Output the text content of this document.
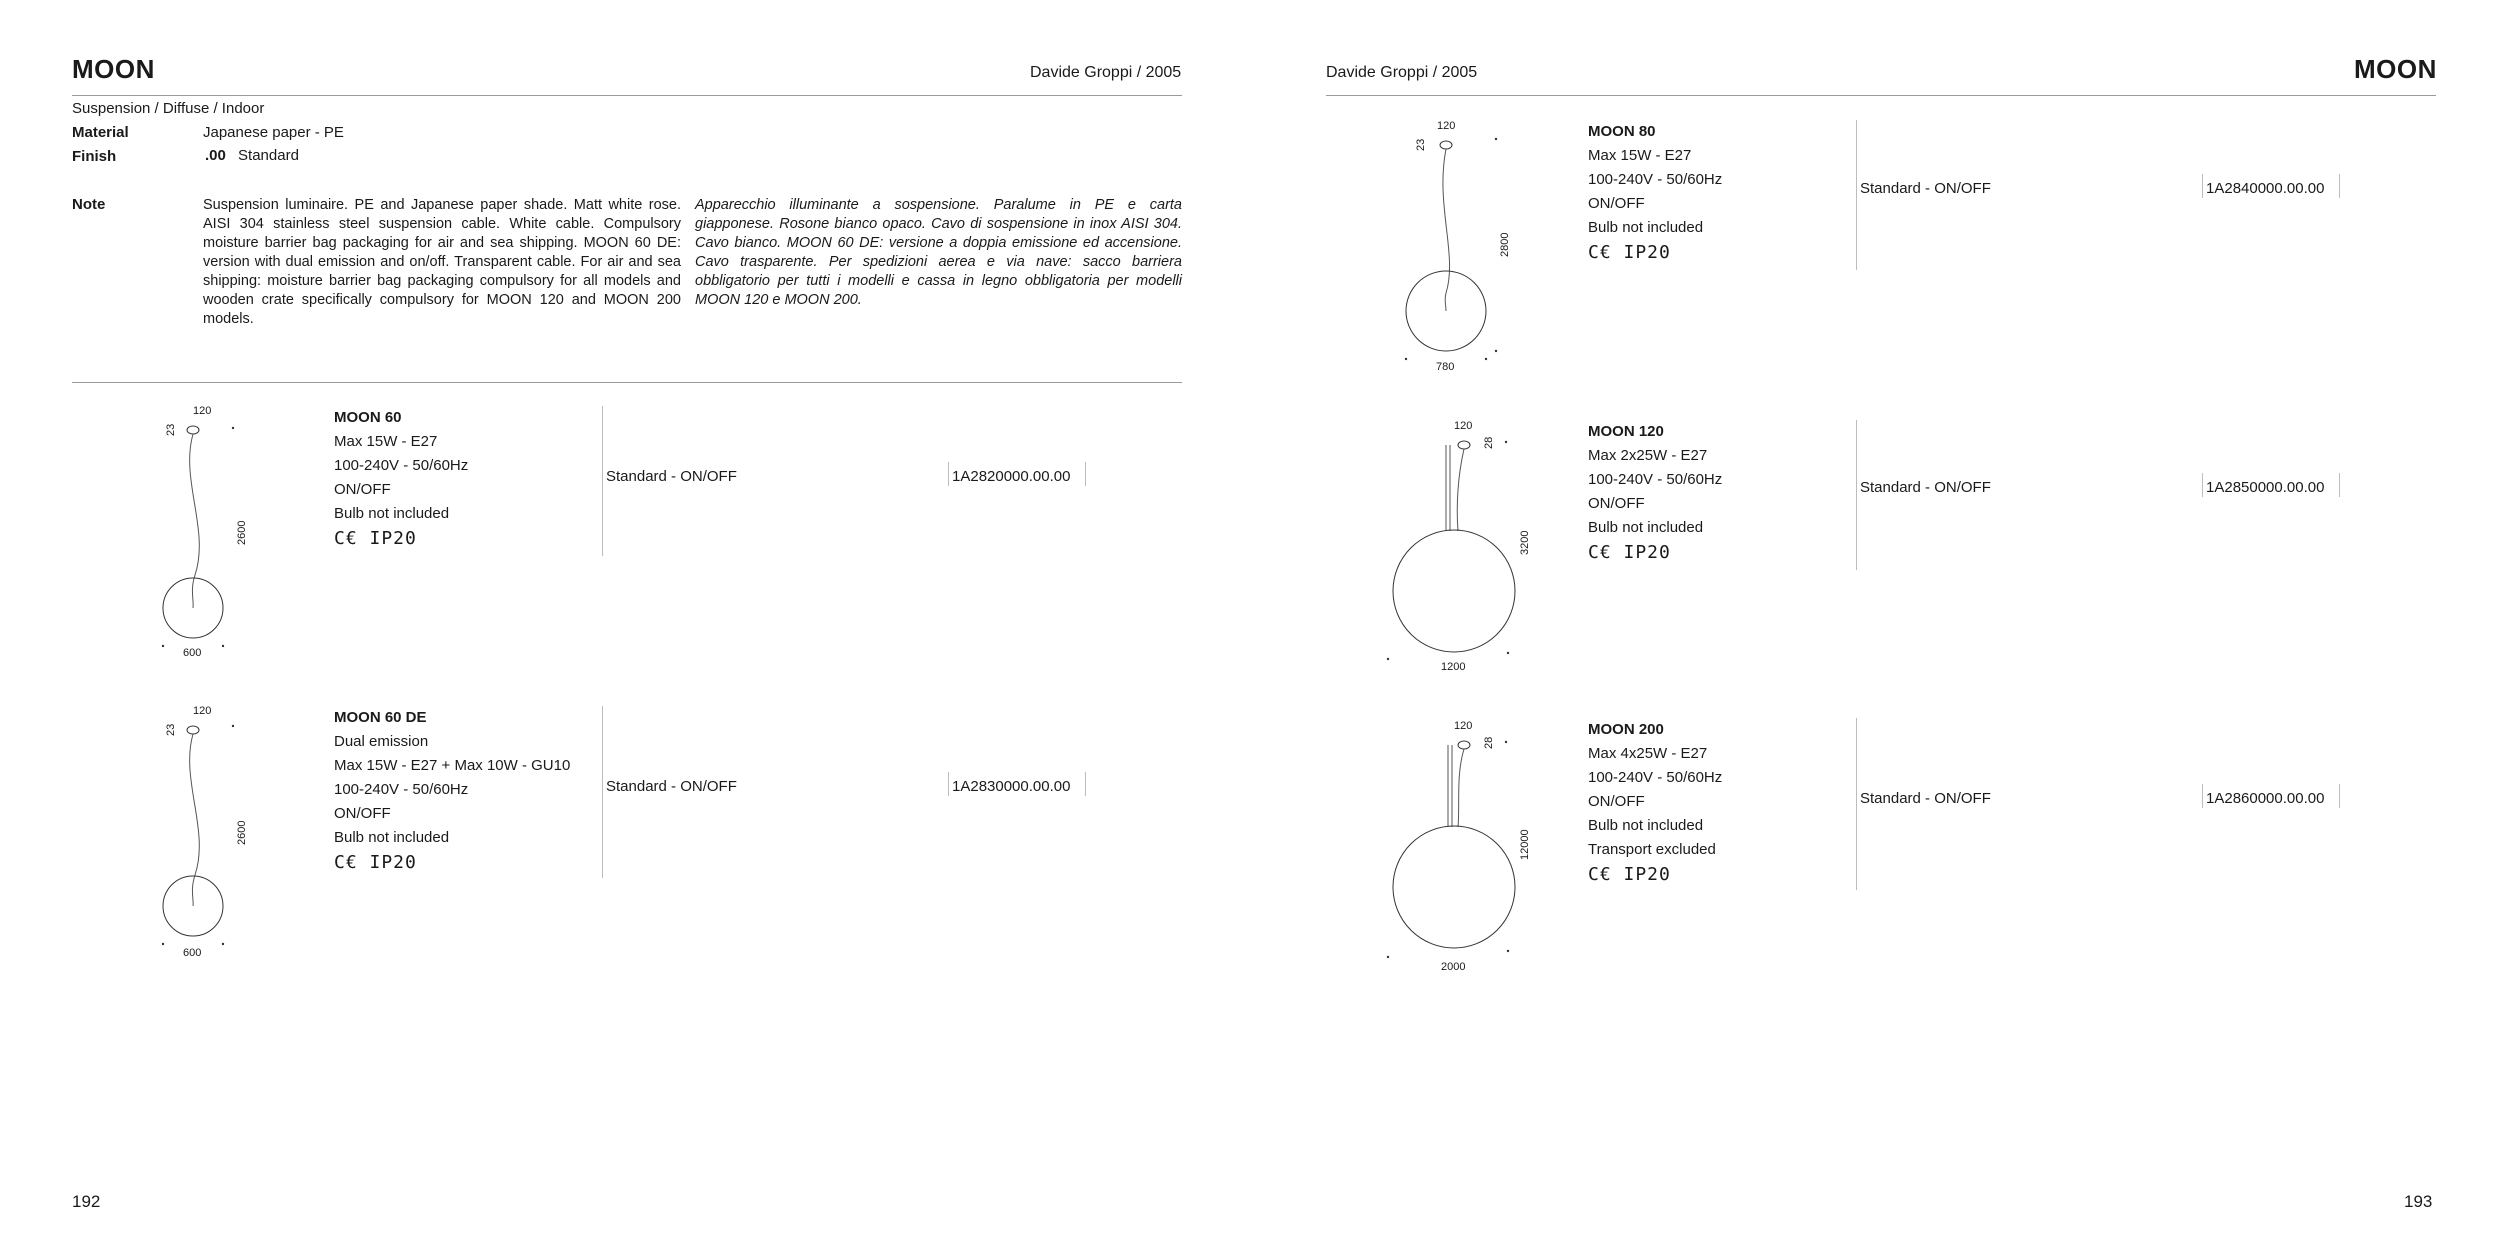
MOON	Davide Groppi / 2005
Suspension / Diffuse / Indoor
Material	Japanese paper - PE
Finish	.00 Standard
Note	Suspension luminaire. PE and Japanese paper shade. Matt white rose. AISI 304 stainless steel suspension cable. White cable. Compulsory moisture barrier bag packaging for air and sea shipping. MOON 60 DE: version with dual emission and on/off. Transparent cable. For air and sea shipping: moisture barrier bag packaging compulsory for all models and wooden crate specifically compulsory for MOON 120 and MOON 200 models.
Apparecchio illuminante a sospensione. Paralume in PE e carta giapponese. Rosone bianco opaco. Cavo di sospensione in inox AISI 304. Cavo bianco. MOON 60 DE: versione a doppia emissione ed accensione. Cavo trasparente. Per spedizioni aerea e via nave: sacco barriera obbligatorio per tutti i modelli e cassa in legno obbligatoria per modelli MOON 120 e MOON 200.
120
23
2600
600
MOON 60
Max 15W - E27
100-240V - 50/60Hz
ON/OFF
Bulb not included
C€ IP20
Standard - ON/OFF	1A2820000.00.00
120
23
2600
600
MOON 60 DE
Dual emission
Max 15W - E27 + Max 10W - GU10
100-240V - 50/60Hz
ON/OFF
Bulb not included
C€ IP20
Standard - ON/OFF	1A2830000.00.00
192
Davide Groppi / 2005	MOON
120
23
2800
780
MOON 80
Max 15W - E27
100-240V - 50/60Hz
ON/OFF
Bulb not included
C€ IP20
Standard - ON/OFF	1A2840000.00.00
120
28
3200
1200
MOON 120
Max 2x25W - E27
100-240V - 50/60Hz
ON/OFF
Bulb not included
C€ IP20
Standard - ON/OFF	1A2850000.00.00
120
28
12000
2000
MOON 200
Max 4x25W - E27
100-240V - 50/60Hz
ON/OFF
Bulb not included
Transport excluded
C€ IP20
Standard - ON/OFF	1A2860000.00.00
193
